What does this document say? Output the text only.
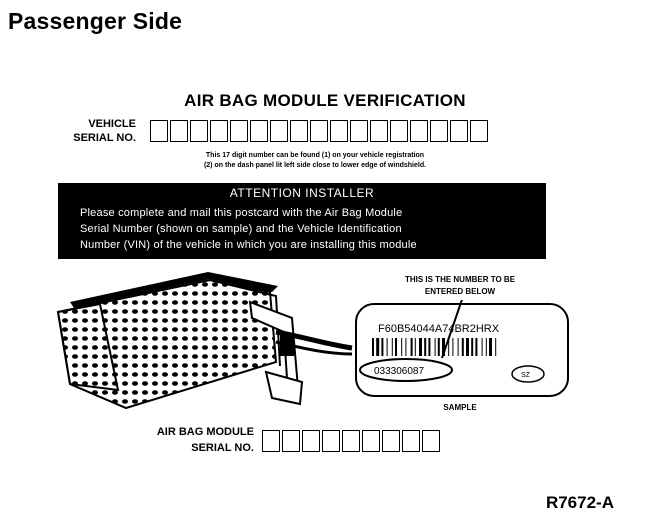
Passenger Side
AIR BAG MODULE VERIFICATION
VEHICLE
SERIAL NO.
This 17 digit number can be found (1) on your vehicle registration
(2) on the dash panel lit left side close to lower edge of windshield.
ATTENTION INSTALLER
Please complete and mail this postcard with the Air Bag Module
Serial Number (shown on sample) and the Vehicle Identification
Number (VIN) of the vehicle in which you are installing this module
F60B54044A74BR2HRX
033306087	SZ
THIS IS THE NUMBER TO BE
ENTERED BELOW
SAMPLE
AIR BAG MODULE
SERIAL NO.
R7672-A
